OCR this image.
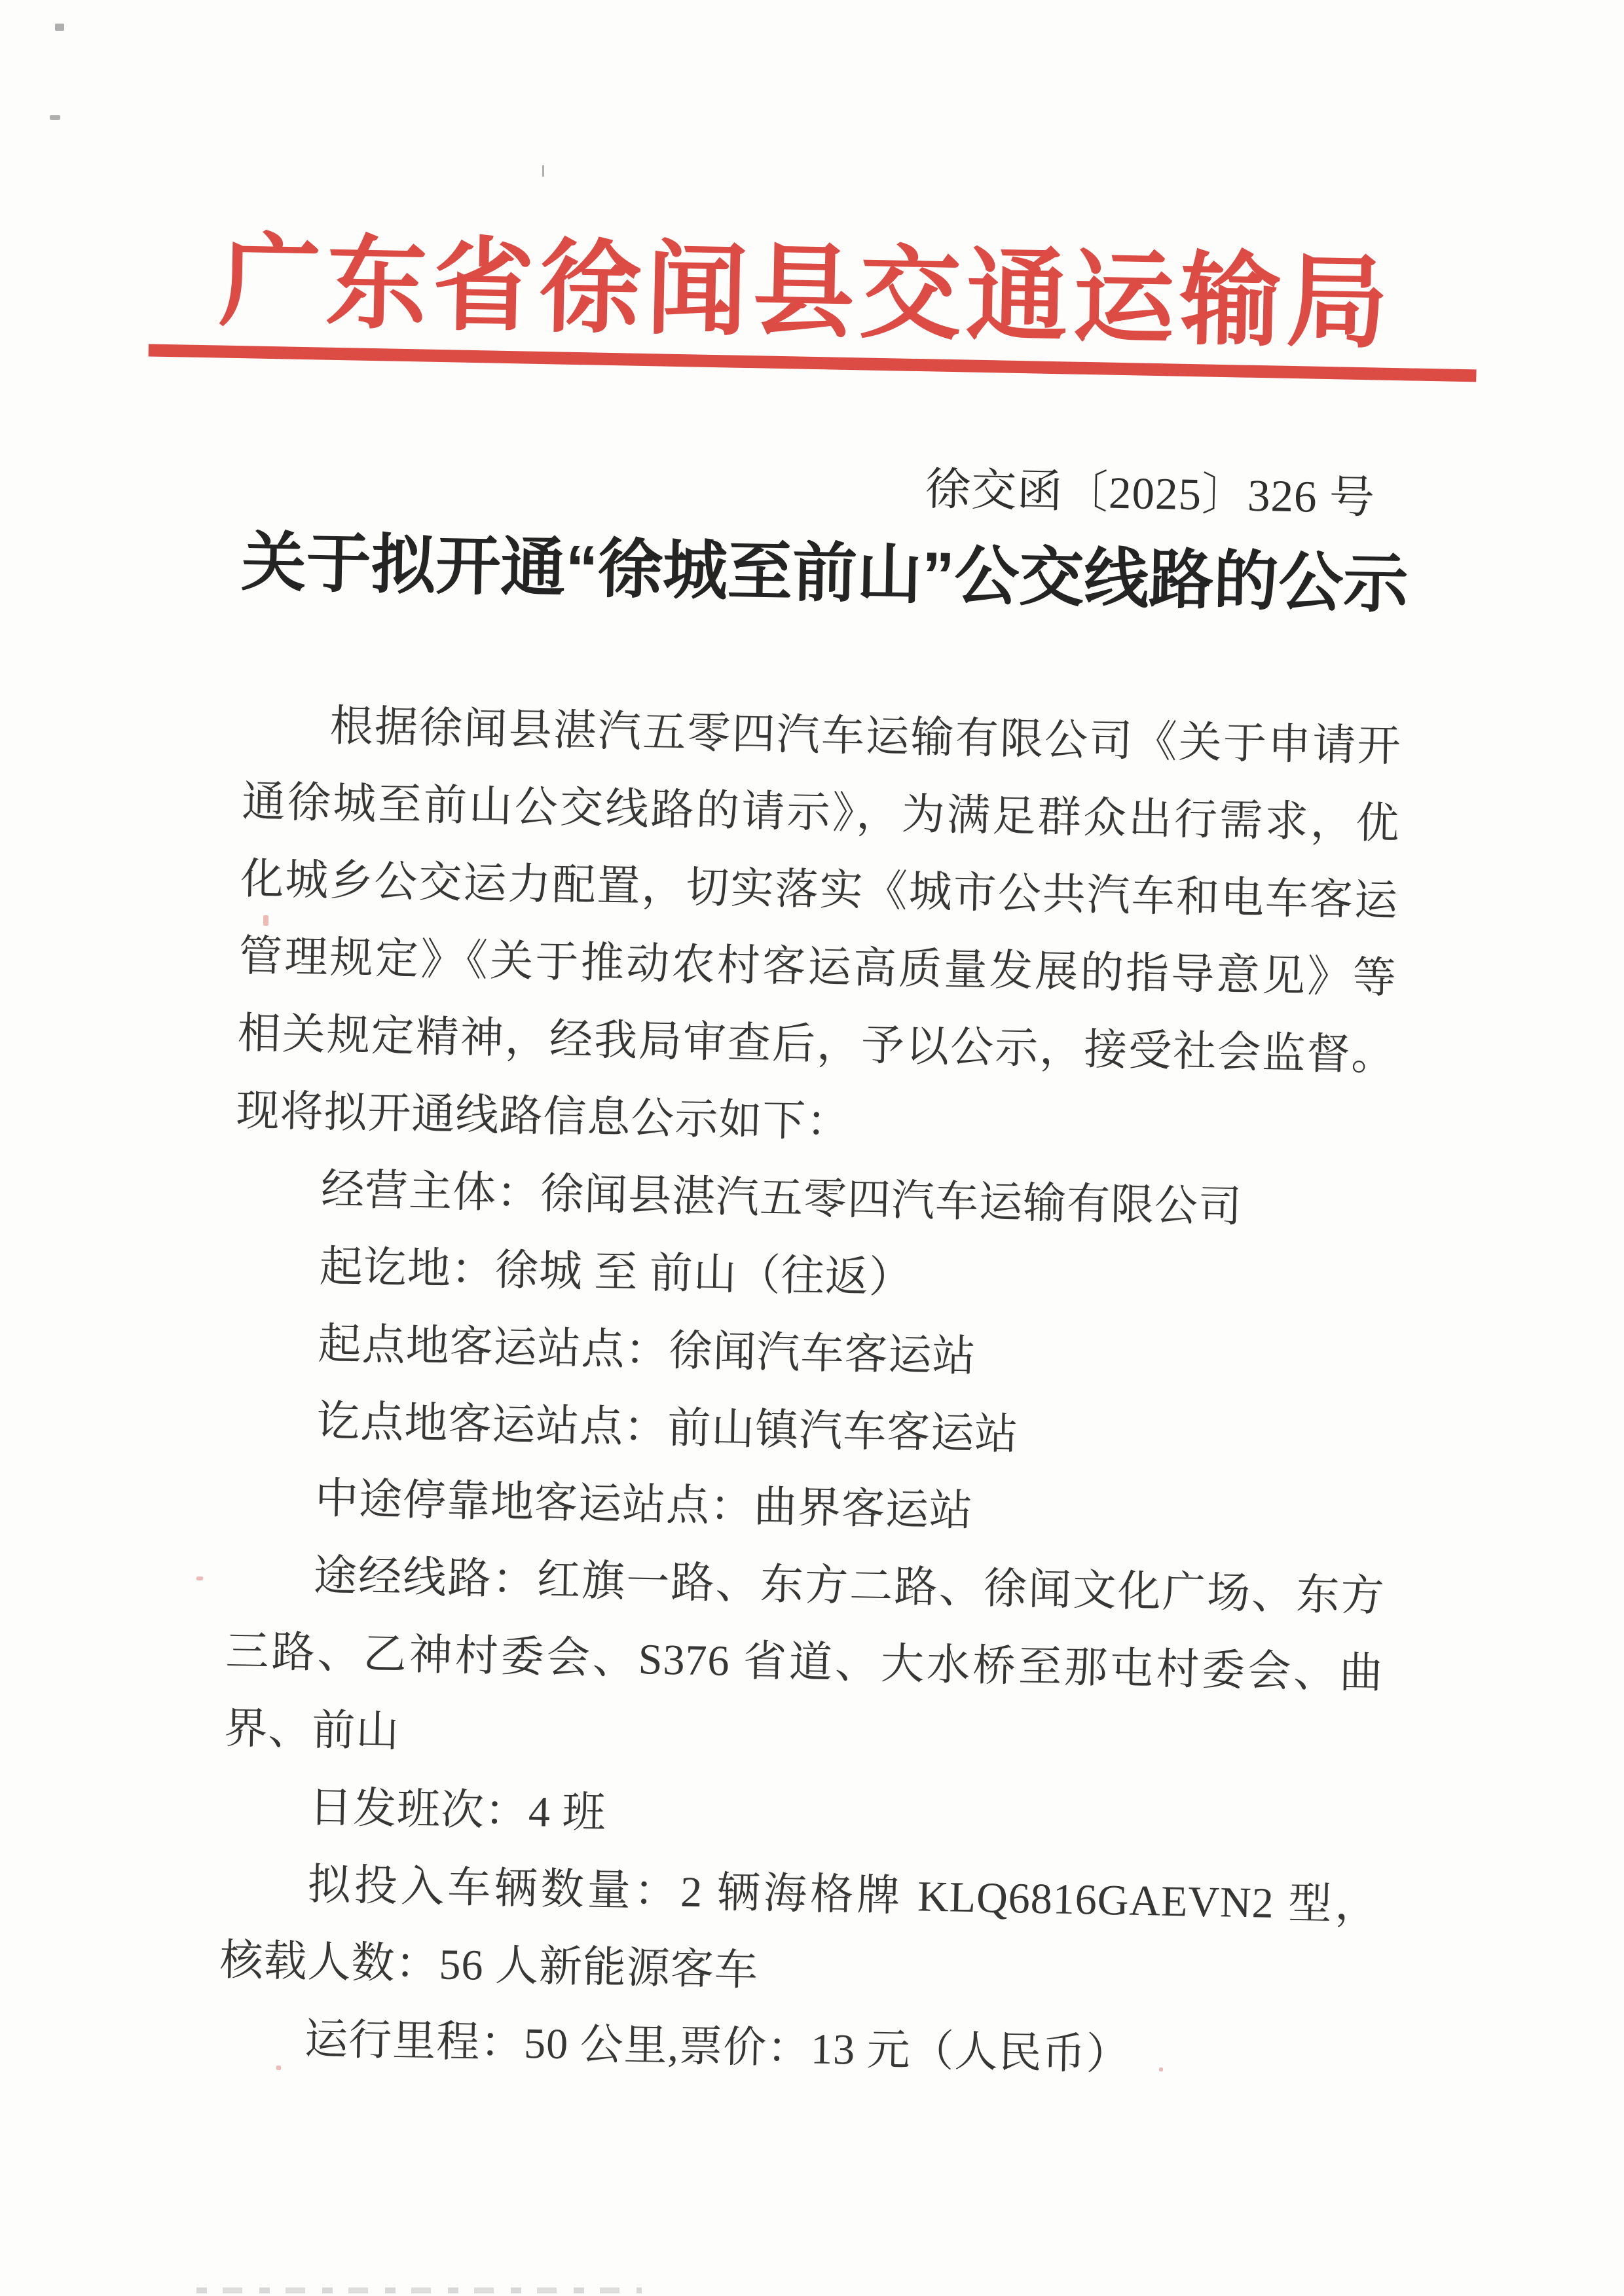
广东省徐闻县交通运输局
徐交函〔2025〕326 号
关于拟开通“徐城至前山”公交线路的公示

根据徐闻县湛汽五零四汽车运输有限公司《关于申请开通徐城至前山公交线路的请示》，为满足群众出行需求，优化城乡公交运力配置，切实落实《城市公共汽车和电车客运管理规定》《关于推动农村客运高质量发展的指导意见》等相关规定精神，经我局审查后，予以公示，接受社会监督。现将拟开通线路信息公示如下：

经营主体：徐闻县湛汽五零四汽车运输有限公司

起讫地：徐城 至 前山（往返）

起点地客运站点：徐闻汽车客运站

讫点地客运站点：前山镇汽车客运站

中途停靠地客运站点：曲界客运站

途经线路：红旗一路、东方二路、徐闻文化广场、东方三路、乙神村委会、S376 省道、大水桥至那屯村委会、曲界、前山

日发班次：4 班

拟投入车辆数量：2 辆海格牌 KLQ6816GAEVN2 型，核载人数：56 人新能源客车

运行里程：50 公里,票价：13 元（人民币）
